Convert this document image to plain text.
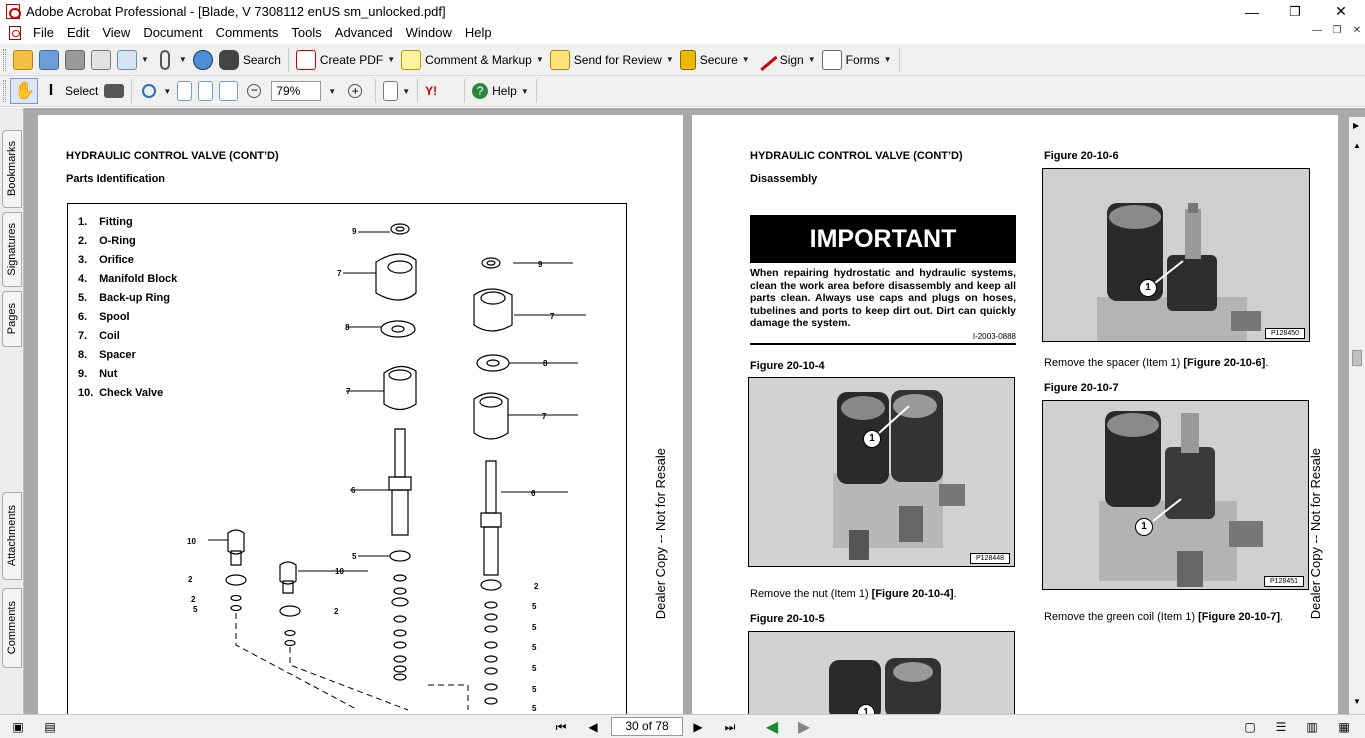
Adobe Acrobat Professional - [Blade, V 7308112 enUS sm_unlocked.pdf]	—	❐	✕
File	Edit	View	Document	Comments	Tools	Advanced	Window	Help	—	❐	✕
▼	▼	Search	Create PDF ▼	Comment & Markup ▼	Send for Review ▼ Secure ▼	Sign ▼	Forms ▼
✋ I Select	▼	−	79%	▼ +	▼ Y!	? Help ▼
Bookmarks
Signatures
Pages
Attachments
Comments
HYDRAULIC CONTROL VALVE (CONT’D)
Parts Identification
1. Fitting
2. O-Ring
3. Orifice
4. Manifold Block
5. Back-up Ring
6. Spool
7. Coil
8. Spacer
9. Nut
10. Check Valve
9
7
8
7
6
10
10
9
7
8
7
6
2
2
5	2
5
2
5
5
5
5
5
5
Dealer Copy -- Not for Resale
HYDRAULIC CONTROL VALVE (CONT’D)
Disassembly
IMPORTANT
When repairing hydrostatic and hydraulic systems, clean the work area before disassembly and keep all parts clean. Always use caps and plugs on hoses, tubelines and ports to keep dirt out. Dirt can quickly damage the system.
I-2003-0888
Figure 20-10-4
1
P128448
Remove the nut (Item 1) [Figure 20-10-4].
Figure 20-10-5
1
Figure 20-10-6
1
P128450
Remove the spacer (Item 1) [Figure 20-10-6].
Figure 20-10-7
1
P128451
Remove the green coil (Item 1) [Figure 20-10-7]. Dealer Copy -- Not for Resale
▶
▲
▼
▣	▤	⏮	◀	30 of 78	▶	⏭ ◀ ▶	▢	☰	▥	▦
